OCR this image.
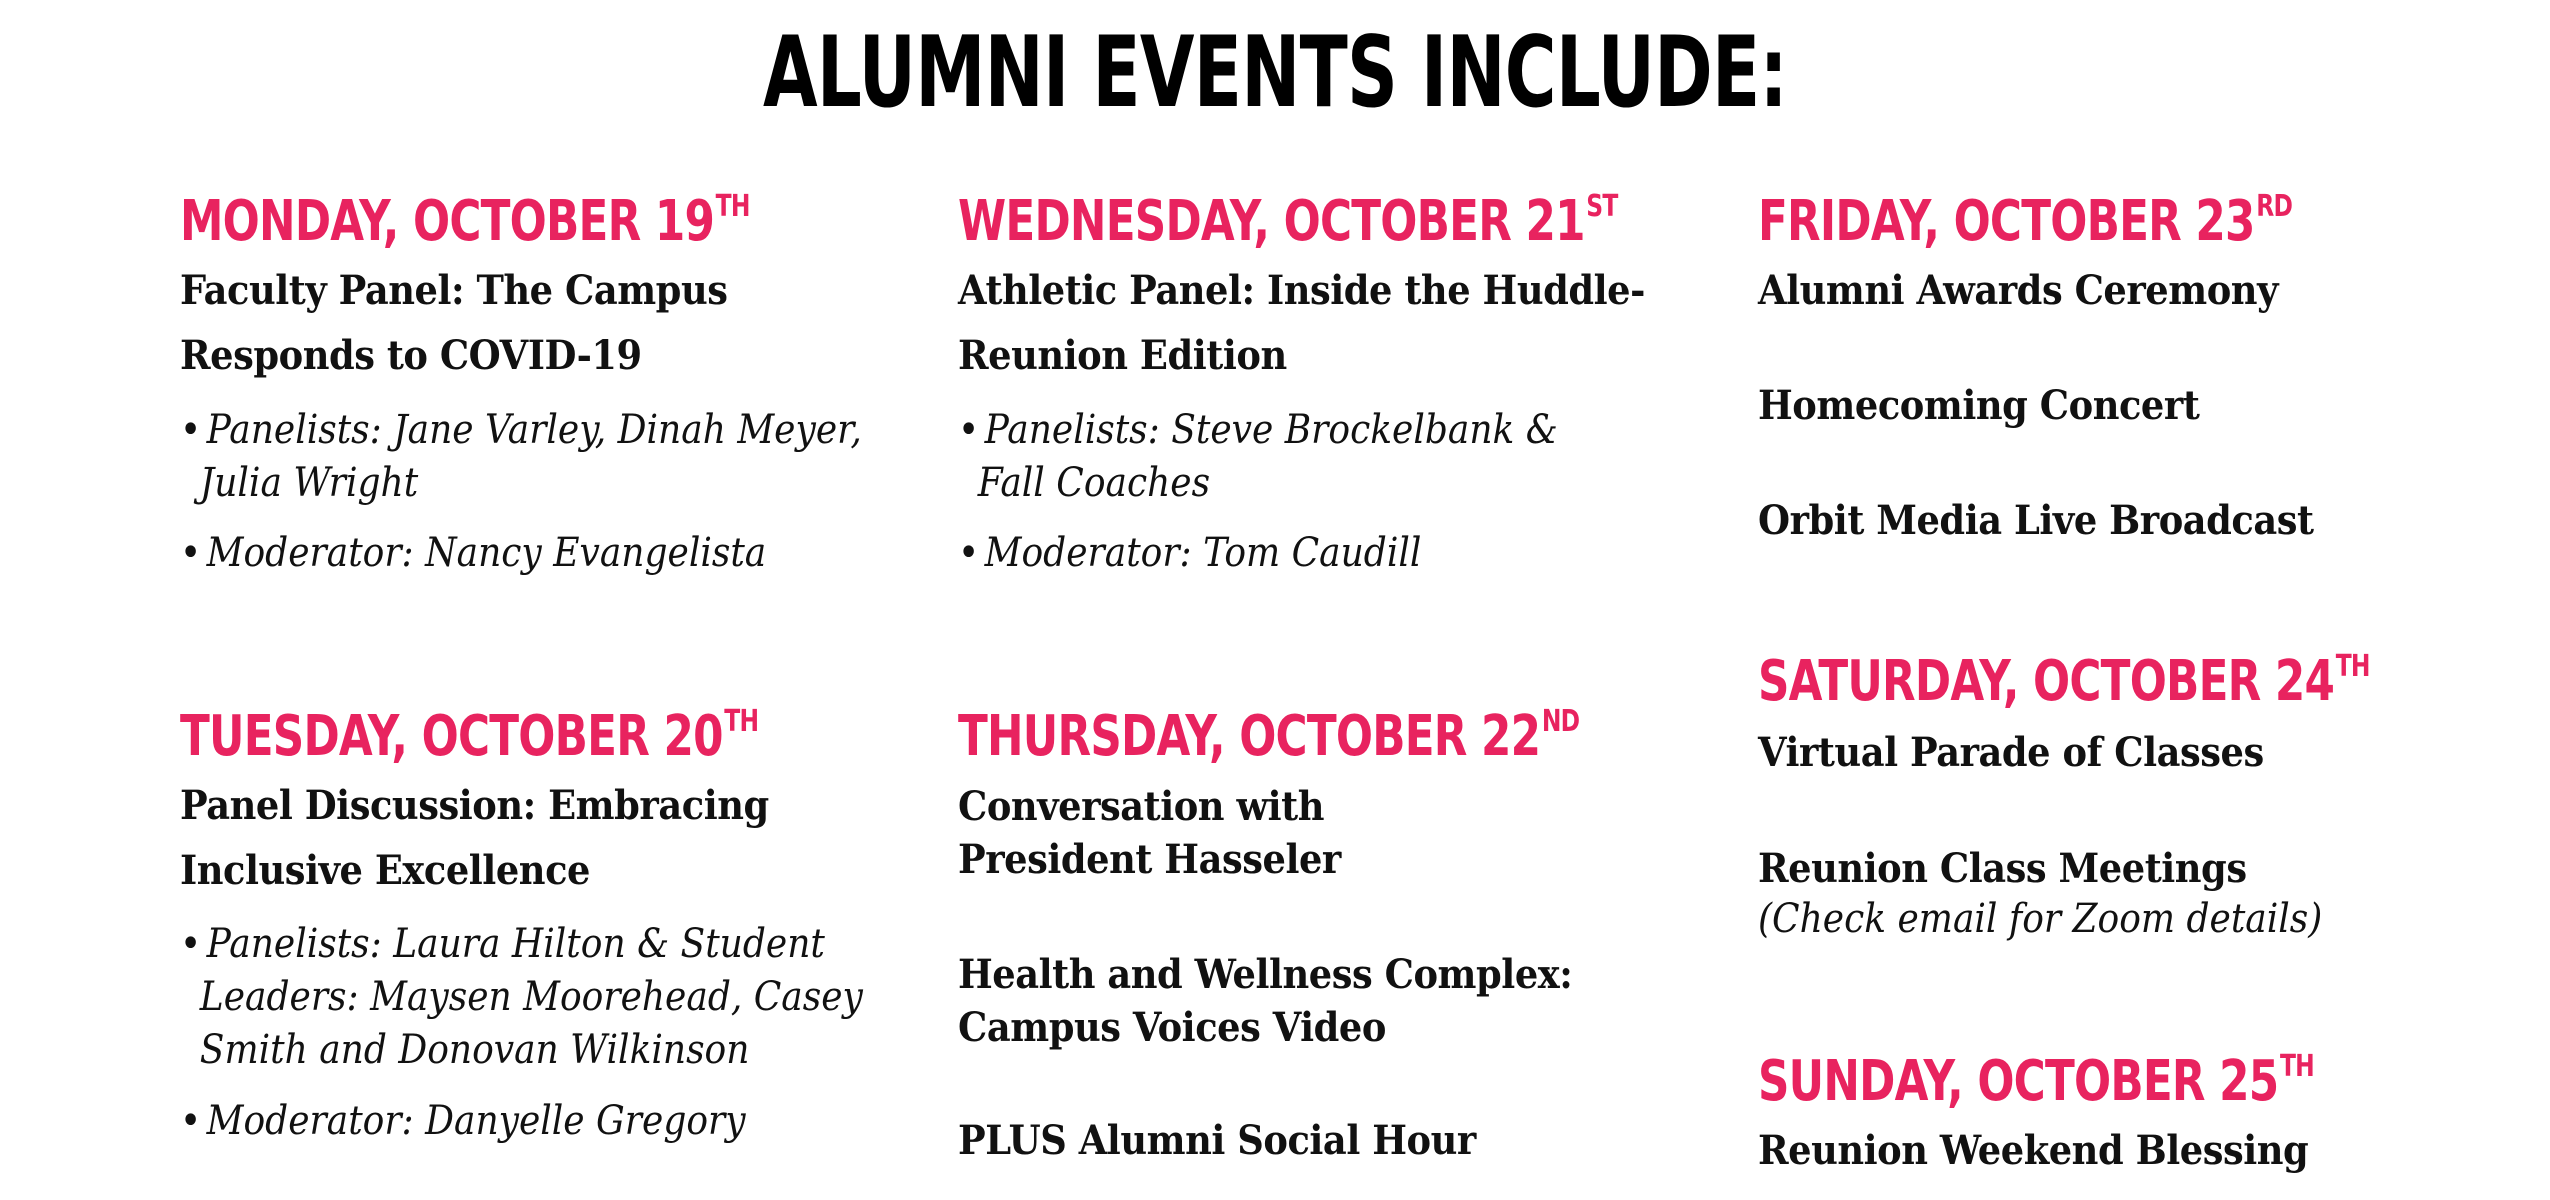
ALUMNI EVENTS INCLUDE:
MONDAY, OCTOBER 19TH
Faculty Panel: The Campus
Responds to COVID-19
• Panelists: Jane Varley, Dinah Meyer,
Julia Wright
• Moderator: Nancy Evangelista
TUESDAY, OCTOBER 20TH
Panel Discussion: Embracing
Inclusive Excellence
• Panelists: Laura Hilton & Student
Leaders: Maysen Moorehead, Casey
Smith and Donovan Wilkinson
• Moderator: Danyelle Gregory
WEDNESDAY, OCTOBER 21ST
Athletic Panel: Inside the Huddle-
Reunion Edition
• Panelists: Steve Brockelbank &
Fall Coaches
• Moderator: Tom Caudill
THURSDAY, OCTOBER 22ND
Conversation with
President Hasseler
Health and Wellness Complex:
Campus Voices Video
PLUS Alumni Social Hour
FRIDAY, OCTOBER 23RD
Alumni Awards Ceremony
Homecoming Concert
Orbit Media Live Broadcast
SATURDAY, OCTOBER 24TH
Virtual Parade of Classes
Reunion Class Meetings
(Check email for Zoom details)
SUNDAY, OCTOBER 25TH
Reunion Weekend Blessing
